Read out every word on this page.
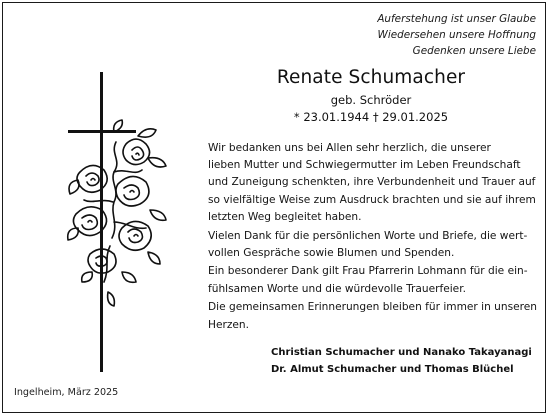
Auferstehung ist unser Glaube
Wiedersehen unsere Hoffnung
Gedenken unsere Liebe
Renate Schumacher
geb. Schröder
* 23.01.1944 † 29.01.2025
Wir bedanken uns bei Allen sehr herzlich, die unserer
lieben Mutter und Schwiegermutter im Leben Freundschaft
und Zuneigung schenkten, ihre Verbundenheit und Trauer auf
so vielfältige Weise zum Ausdruck brachten und sie auf ihrem
letzten Weg begleitet haben.
Vielen Dank für die persönlichen Worte und Briefe, die wert-
vollen Gespräche sowie Blumen und Spenden.
Ein besonderer Dank gilt Frau Pfarrerin Lohmann für die ein-
fühlsamen Worte und die würdevolle Trauerfeier.
Die gemeinsamen Erinnerungen bleiben für immer in unseren
Herzen.
Christian Schumacher und Nanako Takayanagi
Dr. Almut Schumacher und Thomas Blüchel
Ingelheim, März 2025
